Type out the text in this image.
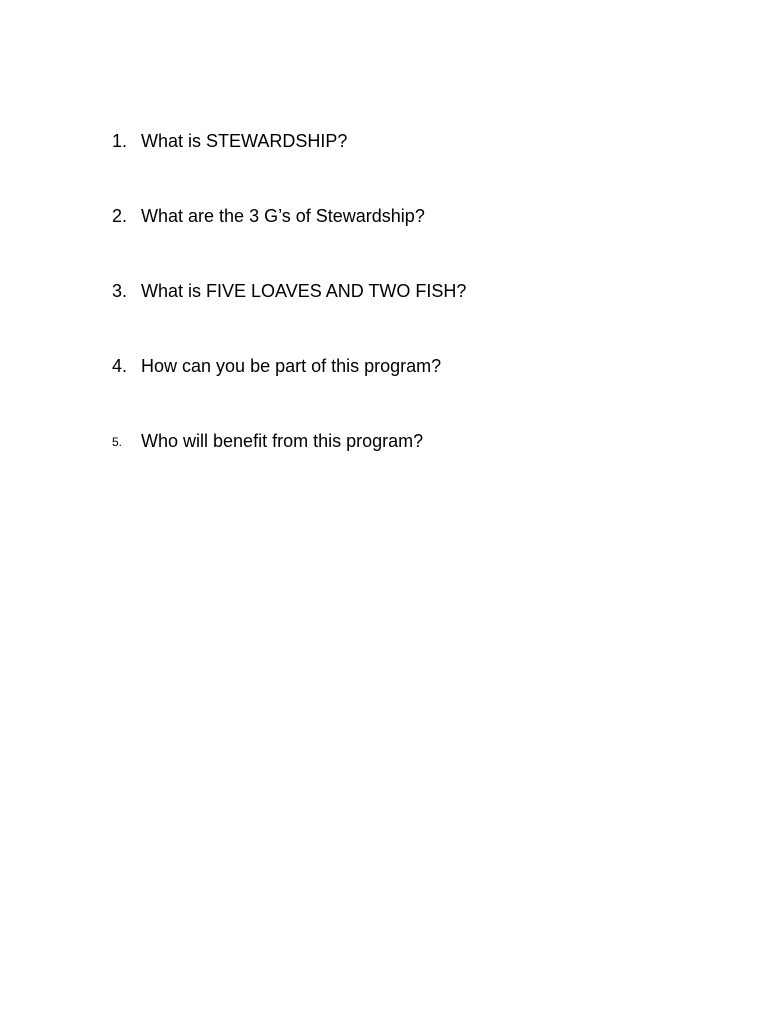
1. What is STEWARDSHIP?
2. What are the 3 G’s of Stewardship?
3. What is FIVE LOAVES AND TWO FISH?
4. How can you be part of this program?
5. Who will benefit from this program?
